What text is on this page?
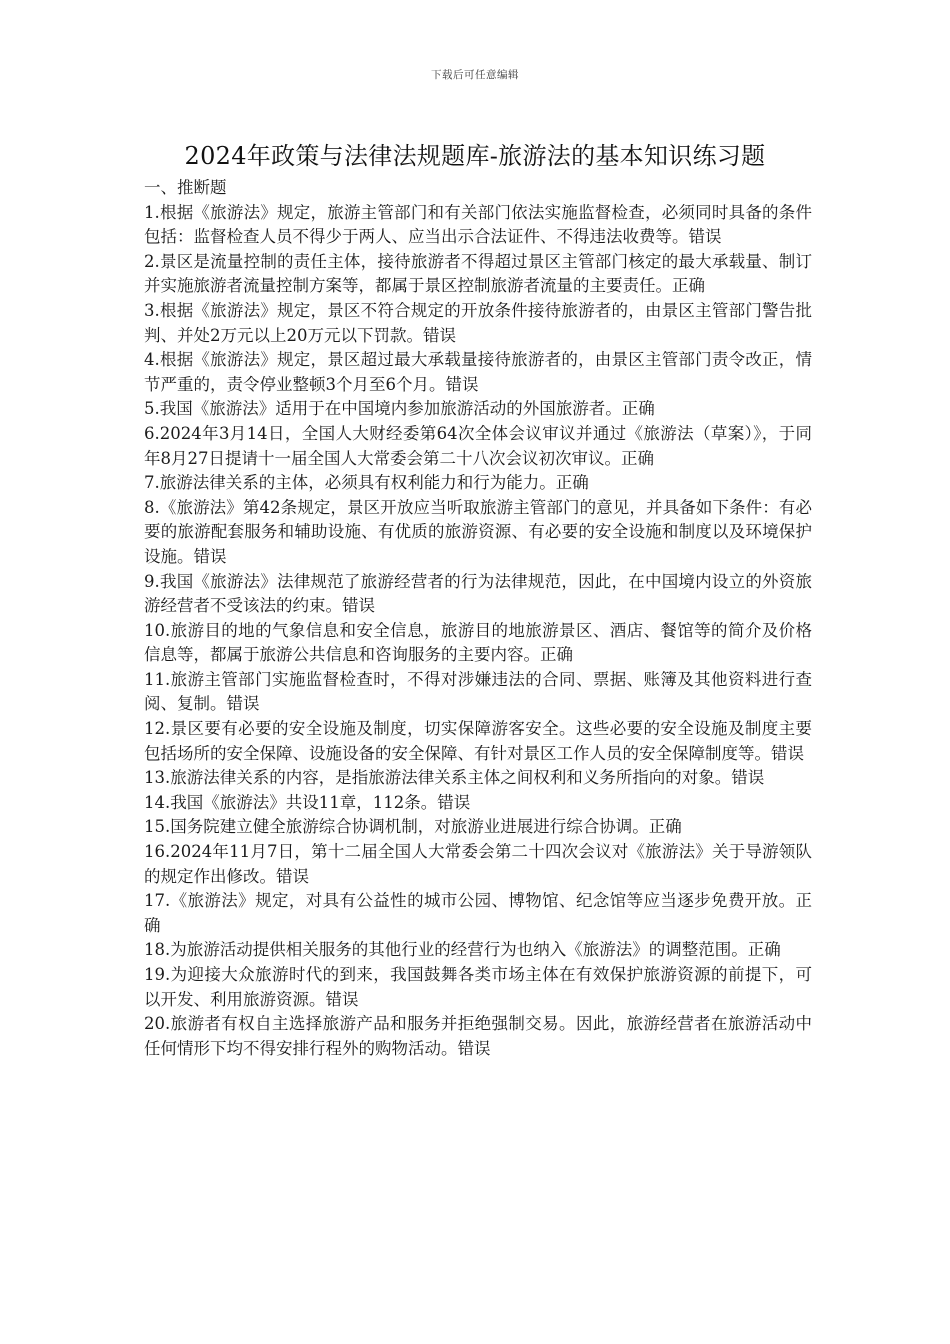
下载后可任意编辑
2024年政策与法律法规题库-旅游法的基本知识练习题
一、推断题

1.根据《旅游法》规定，旅游主管部门和有关部门依法实施监督检查，必须同时具备的条件包括：监督检查人员不得少于两人、应当出示合法证件、不得违法收费等。错误

2.景区是流量控制的责任主体，接待旅游者不得超过景区主管部门核定的最大承载量、制订并实施旅游者流量控制方案等，都属于景区控制旅游者流量的主要责任。正确

3.根据《旅游法》规定，景区不符合规定的开放条件接待旅游者的，由景区主管部门警告批判、并处2万元以上20万元以下罚款。错误

4.根据《旅游法》规定，景区超过最大承载量接待旅游者的，由景区主管部门责令改正，情节严重的，责令停业整顿3个月至6个月。错误

5.我国《旅游法》适用于在中国境内参加旅游活动的外国旅游者。正确

6.2024年3月14日，全国人大财经委第64次全体会议审议并通过《旅游法（草案）》，于同年8月27日提请十一届全国人大常委会第二十八次会议初次审议。正确

7.旅游法律关系的主体，必须具有权利能力和行为能力。正确

8.《旅游法》第42条规定，景区开放应当听取旅游主管部门的意见，并具备如下条件：有必要的旅游配套服务和辅助设施、有优质的旅游资源、有必要的安全设施和制度以及环境保护设施。错误

9.我国《旅游法》法律规范了旅游经营者的行为法律规范，因此，在中国境内设立的外资旅游经营者不受该法的约束。错误

10.旅游目的地的气象信息和安全信息，旅游目的地旅游景区、酒店、餐馆等的简介及价格信息等，都属于旅游公共信息和咨询服务的主要内容。正确

11.旅游主管部门实施监督检查时，不得对涉嫌违法的合同、票据、账簿及其他资料进行查阅、复制。错误

12.景区要有必要的安全设施及制度，切实保障游客安全。这些必要的安全设施及制度主要包括场所的安全保障、设施设备的安全保障、有针对景区工作人员的安全保障制度等。错误

13.旅游法律关系的内容，是指旅游法律关系主体之间权利和义务所指向的对象。错误

14.我国《旅游法》共设11章，112条。错误

15.国务院建立健全旅游综合协调机制，对旅游业进展进行综合协调。正确

16.2024年11月7日，第十二届全国人大常委会第二十四次会议对《旅游法》关于导游领队的规定作出修改。错误

17.《旅游法》规定，对具有公益性的城市公园、博物馆、纪念馆等应当逐步免费开放。正确

18.为旅游活动提供相关服务的其他行业的经营行为也纳入《旅游法》的调整范围。正确

19.为迎接大众旅游时代的到来，我国鼓舞各类市场主体在有效保护旅游资源的前提下，可以开发、利用旅游资源。错误

20.旅游者有权自主选择旅游产品和服务并拒绝强制交易。因此，旅游经营者在旅游活动中任何情形下均不得安排行程外的购物活动。错误
